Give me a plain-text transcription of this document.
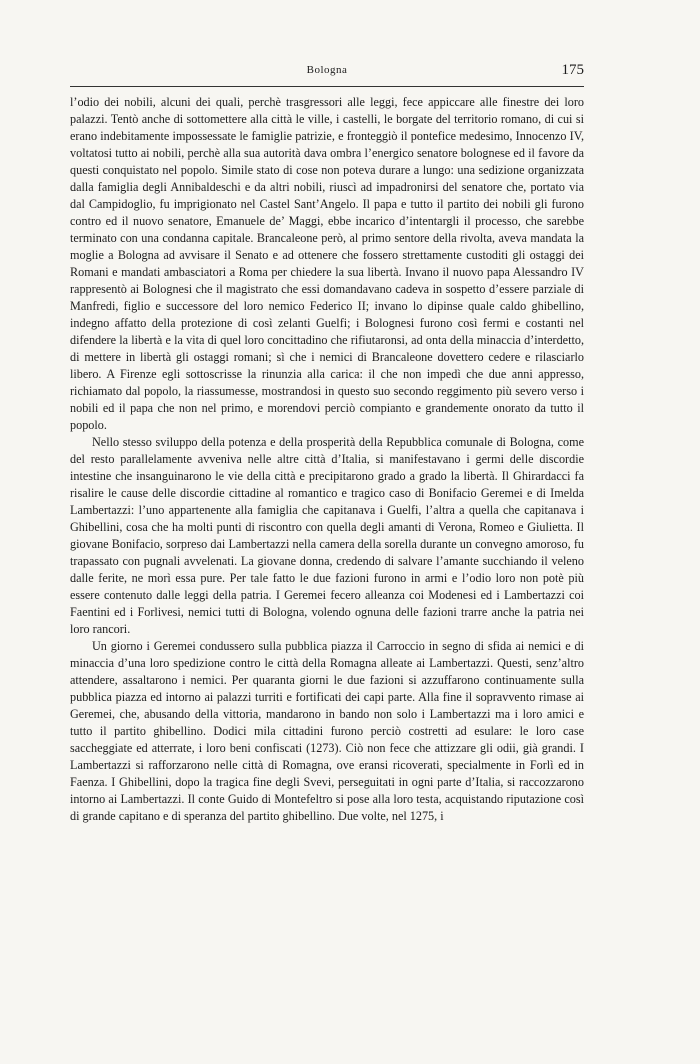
Bologna	175

l’odio dei nobili, alcuni dei quali, perchè trasgressori alle leggi, fece appiccare alle finestre dei loro palazzi. Tentò anche di sottomettere alla città le ville, i castelli, le borgate del territorio romano, di cui si erano indebitamente impossessate le famiglie patrizie, e fronteggiò il pontefice medesimo, Innocenzo IV, voltatosi tutto ai nobili, perchè alla sua autorità dava ombra l’energico senatore bolognese ed il favore da questi conquistato nel popolo. Simile stato di cose non poteva durare a lungo: una sedizione organizzata dalla famiglia degli Annibaldeschi e da altri nobili, riuscì ad impadronirsi del senatore che, portato via dal Campidoglio, fu imprigionato nel Castel Sant’Angelo. Il papa e tutto il partito dei nobili gli furono contro ed il nuovo senatore, Emanuele de’ Maggi, ebbe incarico d’intentargli il processo, che sarebbe terminato con una condanna capitale. Brancaleone però, al primo sentore della rivolta, aveva mandata la moglie a Bologna ad avvisare il Senato e ad ottenere che fossero strettamente custoditi gli ostaggi dei Romani e mandati ambasciatori a Roma per chiedere la sua libertà. Invano il nuovo papa Alessandro IV rappresentò ai Bolognesi che il magistrato che essi domandavano cadeva in sospetto d’essere parziale di Manfredi, figlio e successore del loro nemico Federico II; invano lo dipinse quale caldo ghibellino, indegno affatto della protezione di così zelanti Guelfi; i Bolognesi furono così fermi e costanti nel difendere la libertà e la vita di quel loro concittadino che rifiutaronsi, ad onta della minaccia d’interdetto, di mettere in libertà gli ostaggi romani; sì che i nemici di Brancaleone dovettero cedere e rilasciarlo libero. A Firenze egli sottoscrisse la rinunzia alla carica: il che non impedì che due anni appresso, richiamato dal popolo, la riassumesse, mostrandosi in questo suo secondo reggimento più severo verso i nobili ed il papa che non nel primo, e morendovi perciò compianto e grandemente onorato da tutto il popolo.

Nello stesso sviluppo della potenza e della prosperità della Repubblica comunale di Bologna, come del resto parallelamente avveniva nelle altre città d’Italia, si manifestavano i germi delle discordie intestine che insanguinarono le vie della città e precipitarono grado a grado la libertà. Il Ghirardacci fa risalire le cause delle discordie cittadine al romantico e tragico caso di Bonifacio Geremei e di Imelda Lambertazzi: l’uno appartenente alla famiglia che capitanava i Guelfi, l’altra a quella che capitanava i Ghibellini, cosa che ha molti punti di riscontro con quella degli amanti di Verona, Romeo e Giulietta. Il giovane Bonifacio, sorpreso dai Lambertazzi nella camera della sorella durante un convegno amoroso, fu trapassato con pugnali avvelenati. La giovane donna, credendo di salvare l’amante succhiando il veleno dalle ferite, ne morì essa pure. Per tale fatto le due fazioni furono in armi e l’odio loro non potè più essere contenuto dalle leggi della patria. I Geremei fecero alleanza coi Modenesi ed i Lambertazzi coi Faentini ed i Forlivesi, nemici tutti di Bologna, volendo ognuna delle fazioni trarre anche la patria nei loro rancori.

Un giorno i Geremei condussero sulla pubblica piazza il Carroccio in segno di sfida ai nemici e di minaccia d’una loro spedizione contro le città della Romagna alleate ai Lambertazzi. Questi, senz’altro attendere, assaltarono i nemici. Per quaranta giorni le due fazioni si azzuffarono continuamente sulla pubblica piazza ed intorno ai palazzi turriti e fortificati dei capi parte. Alla fine il sopravvento rimase ai Geremei, che, abusando della vittoria, mandarono in bando non solo i Lambertazzi ma i loro amici e tutto il partito ghibellino. Dodici mila cittadini furono perciò costretti ad esulare: le loro case saccheggiate ed atterrate, i loro beni confiscati (1273). Ciò non fece che attizzare gli odii, già grandi. I Lambertazzi si rafforzarono nelle città di Romagna, ove eransi ricoverati, specialmente in Forlì ed in Faenza. I Ghibellini, dopo la tragica fine degli Svevi, perseguitati in ogni parte d’Italia, si raccozzarono intorno ai Lambertazzi. Il conte Guido di Montefeltro si pose alla loro testa, acquistando riputazione così di grande capitano e di speranza del partito ghibellino. Due volte, nel 1275, i
